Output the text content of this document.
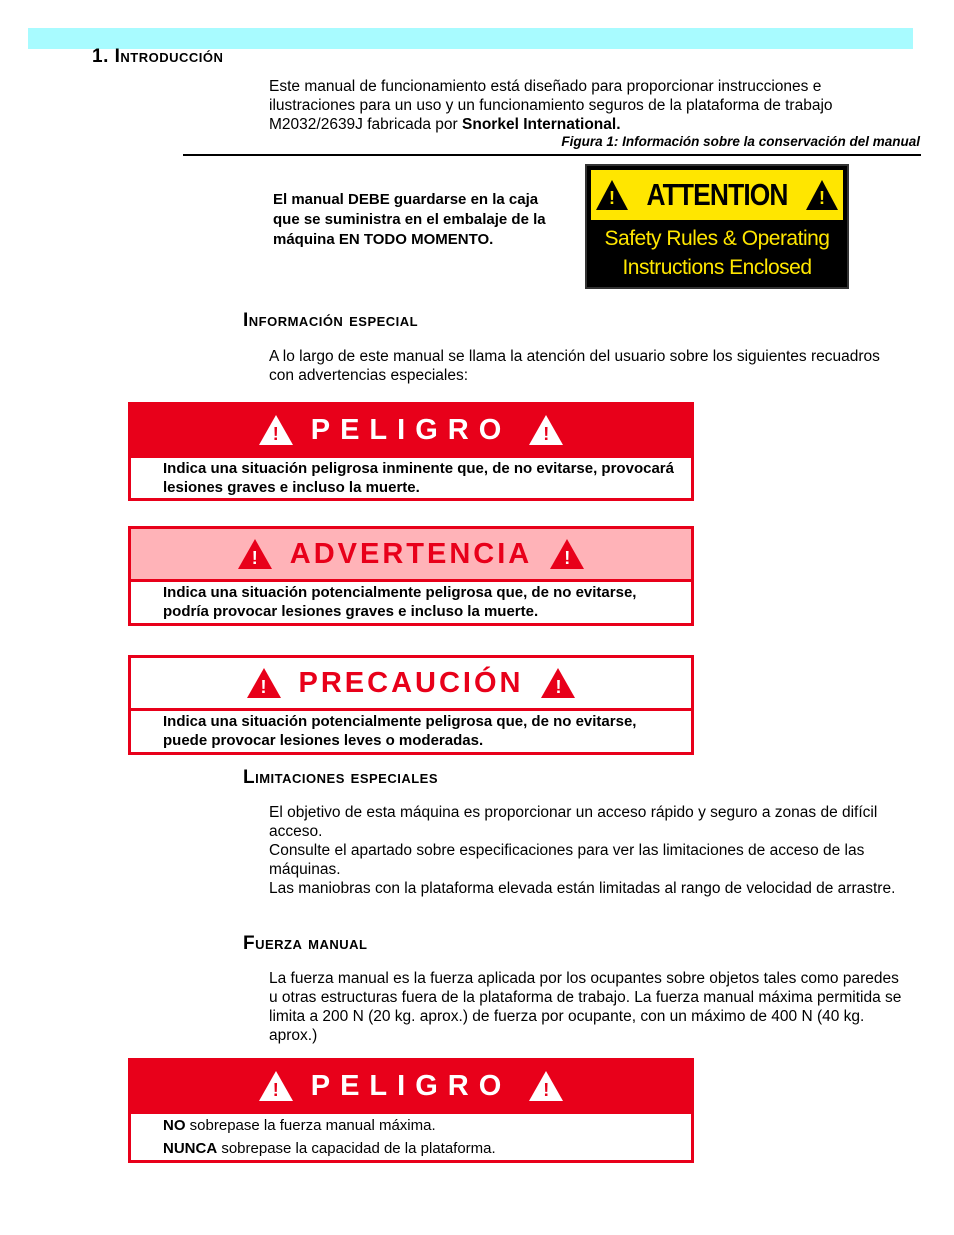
1. Introducción
Este manual de funcionamiento está diseñado para proporcionar instrucciones e ilustraciones para un uso y un funcionamiento seguros de la plataforma de trabajo M2032/2639J fabricada por Snorkel International.
Figura 1: Información sobre la conservación del manual
El manual DEBE guardarse en la caja que se suministra en el embalaje de la máquina EN TODO MOMENTO.
! ATTENTION !
Safety Rules & Operating
Instructions Enclosed
Información especial
A lo largo de este manual se llama la atención del usuario sobre los siguientes recuadros con advertencias especiales:
! PELIGRO !
Indica una situación peligrosa inminente que, de no evitarse, provocará lesiones graves e incluso la muerte.
! ADVERTENCIA !
Indica una situación potencialmente peligrosa que, de no evitarse, podría provocar lesiones graves e incluso la muerte.
! PRECAUCIÓN !
Indica una situación potencialmente peligrosa que, de no evitarse, puede provocar lesiones leves o moderadas.
Limitaciones especiales
El objetivo de esta máquina es proporcionar un acceso rápido y seguro a zonas de difícil acceso.
Consulte el apartado sobre especificaciones para ver las limitaciones de acceso de las máquinas.
Las maniobras con la plataforma elevada están limitadas al rango de velocidad de arrastre.
Fuerza manual
La fuerza manual es la fuerza aplicada por los ocupantes sobre objetos tales como paredes u otras estructuras fuera de la plataforma de trabajo. La fuerza manual máxima permitida se limita a 200 N (20 kg. aprox.) de fuerza por ocupante, con un máximo de 400 N (40 kg. aprox.)
! PELIGRO !
NO sobrepase la fuerza manual máxima.
NUNCA sobrepase la capacidad de la plataforma.
